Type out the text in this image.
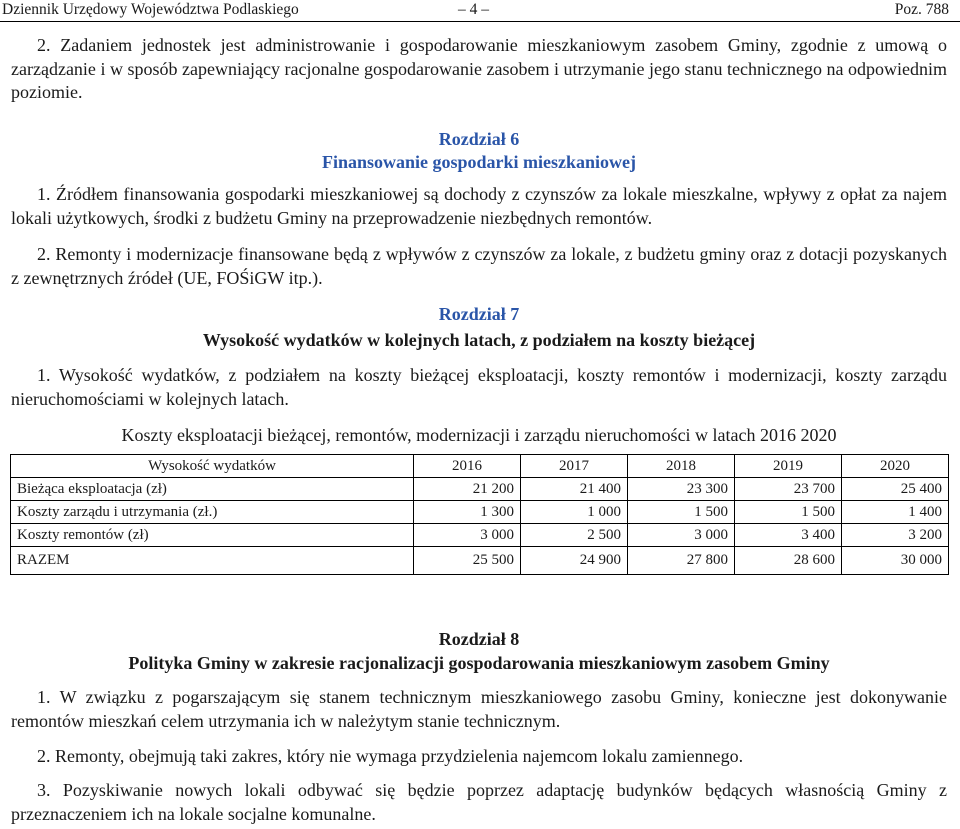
Dziennik Urzędowy Województwa Podlaskiego	– 4 –	Poz. 788
2. Zadaniem jednostek jest administrowanie i gospodarowanie mieszkaniowym zasobem Gminy, zgodnie z umową o zarządzanie i w sposób zapewniający racjonalne gospodarowanie zasobem i utrzymanie jego stanu technicznego na odpowiednim poziomie.
Rozdział 6
Finansowanie gospodarki mieszkaniowej
1. Źródłem finansowania gospodarki mieszkaniowej są dochody z czynszów za lokale mieszkalne, wpływy z opłat za najem lokali użytkowych, środki z budżetu Gminy na przeprowadzenie niezbędnych remontów.
2. Remonty i modernizacje finansowane będą z wpływów z czynszów za lokale, z budżetu gminy oraz z dotacji pozyskanych z zewnętrznych źródeł (UE, FOŚiGW itp.).
Rozdział 7
Wysokość wydatków w kolejnych latach, z podziałem na koszty bieżącej
1. Wysokość wydatków, z podziałem na koszty bieżącej eksploatacji, koszty remontów i modernizacji, koszty zarządu nieruchomościami w kolejnych latach.
Koszty eksploatacji bieżącej, remontów, modernizacji i zarządu nieruchomości w latach 2016 2020
Wysokość wydatków	2016	2017	2018	2019	2020
Bieżąca eksploatacja (zł)	21 200	21 400	23 300	23 700	25 400
Koszty zarządu i utrzymania (zł.)	1 300	1 000	1 500	1 500	1 400
Koszty remontów (zł)	3 000	2 500	3 000	3 400	3 200
RAZEM	25 500	24 900	27 800	28 600	30 000
Rozdział 8
Polityka Gminy w zakresie racjonalizacji gospodarowania mieszkaniowym zasobem Gminy
1. W związku z pogarszającym się stanem technicznym mieszkaniowego zasobu Gminy, konieczne jest dokonywanie remontów mieszkań celem utrzymania ich w należytym stanie technicznym.
2. Remonty, obejmują taki zakres, który nie wymaga przydzielenia najemcom lokalu zamiennego.
3. Pozyskiwanie nowych lokali odbywać się będzie poprzez adaptację budynków będących własnością Gminy z przeznaczeniem ich na lokale socjalne komunalne.
